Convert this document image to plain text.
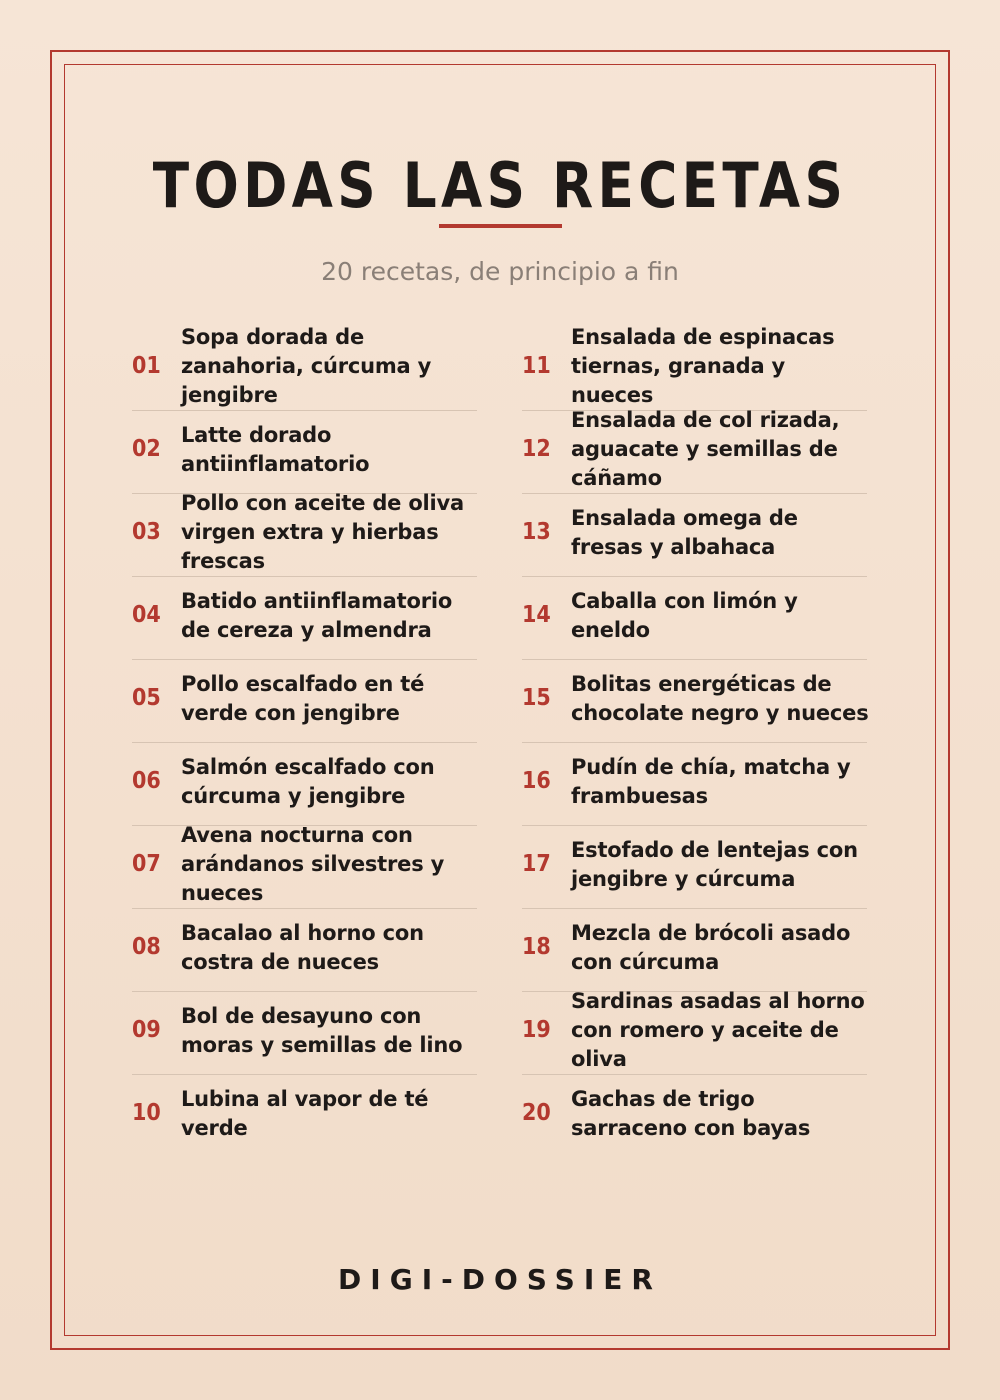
TODAS LAS RECETAS
20 recetas, de principio a fin
01
Sopa dorada de zanahoria, cúrcuma y jengibre
02
Latte dorado antiinflamatorio
03
Pollo con aceite de oliva virgen extra y hierbas frescas
04
Batido antiinflamatorio de cereza y almendra
05
Pollo escalfado en té verde con jengibre
06
Salmón escalfado con cúrcuma y jengibre
07
Avena nocturna con arándanos silvestres y nueces
08
Bacalao al horno con costra de nueces
09
Bol de desayuno con moras y semillas de lino
10
Lubina al vapor de té verde
11
Ensalada de espinacas tiernas, granada y nueces
12
Ensalada de col rizada, aguacate y semillas de cáñamo
13
Ensalada omega de fresas y albahaca
14
Caballa con limón y eneldo
15
Bolitas energéticas de chocolate negro y nueces
16
Pudín de chía, matcha y frambuesas
17
Estofado de lentejas con jengibre y cúrcuma
18
Mezcla de brócoli asado con cúrcuma
19
Sardinas asadas al horno con romero y aceite de oliva
20
Gachas de trigo sarraceno con bayas
DIGI-DOSSIER
